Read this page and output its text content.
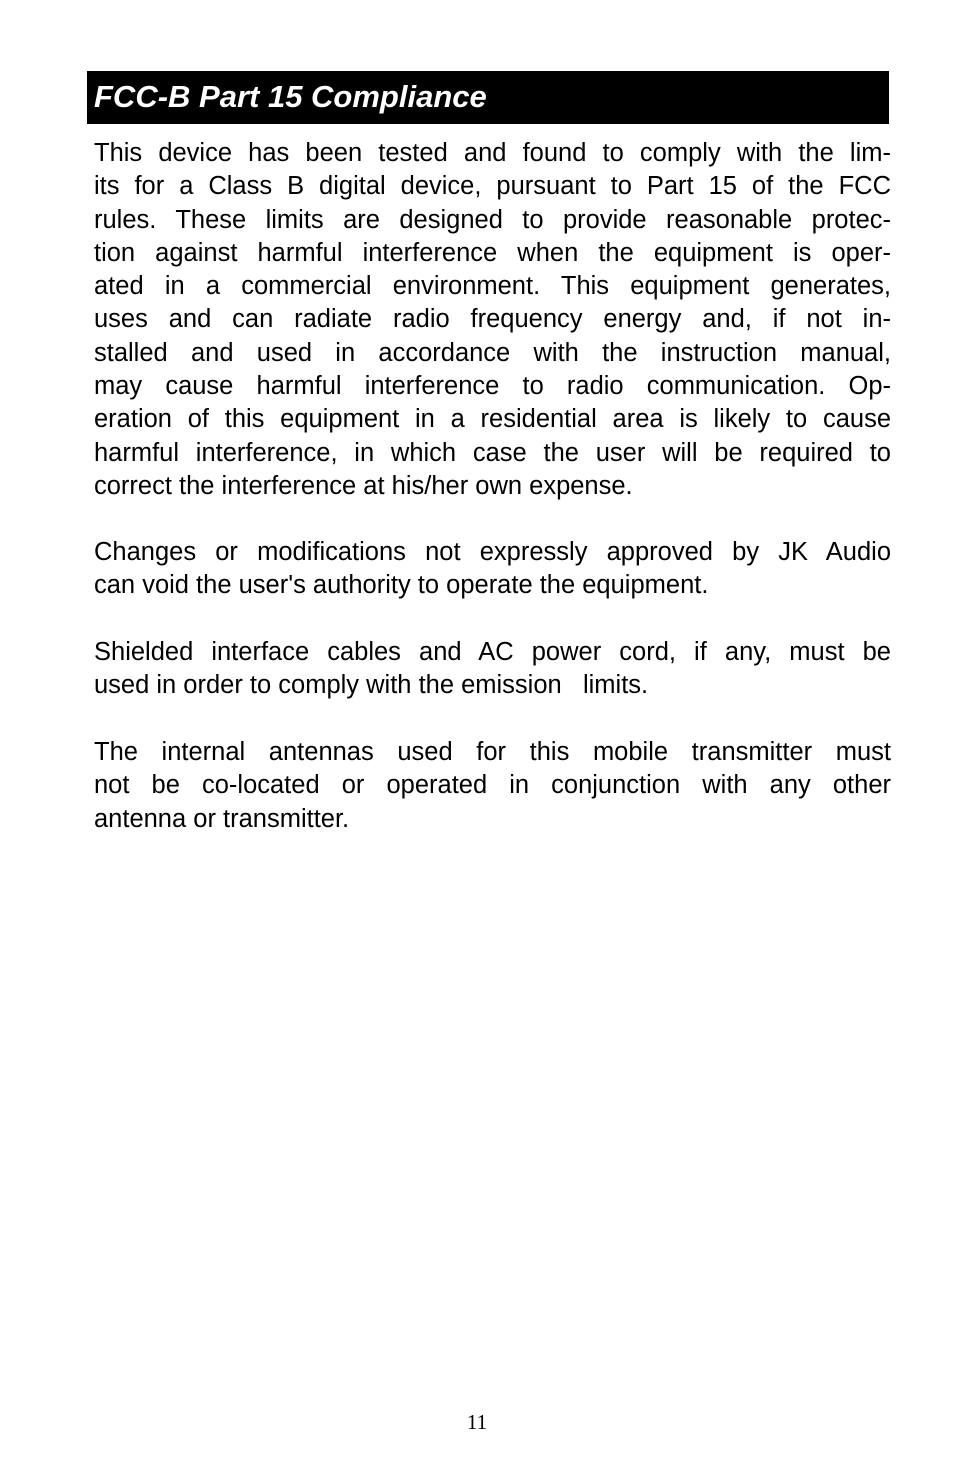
FCC-B Part 15 Compliance
This device has been tested and found to comply with the lim-
its for a Class B digital device, pursuant to Part 15 of the FCC
rules. These limits are designed to provide reasonable protec-
tion against harmful interference when the equipment is oper-
ated in a commercial environment. This equipment generates,
uses and can radiate radio frequency energy and, if not in-
stalled and used in accordance with the instruction manual,
may cause harmful interference to radio communication. Op-
eration of this equipment in a residential area is likely to cause
harmful interference, in which case the user will be required to
correct the interference at his/her own expense.
Changes or modifications not expressly approved by JK Audio
can void the user's authority to operate the equipment.
Shielded interface cables and AC power cord, if any, must be
used in order to comply with the emission   limits.
The internal antennas used for this mobile transmitter must
not be co-located or operated in conjunction with any other
antenna or transmitter.
11
